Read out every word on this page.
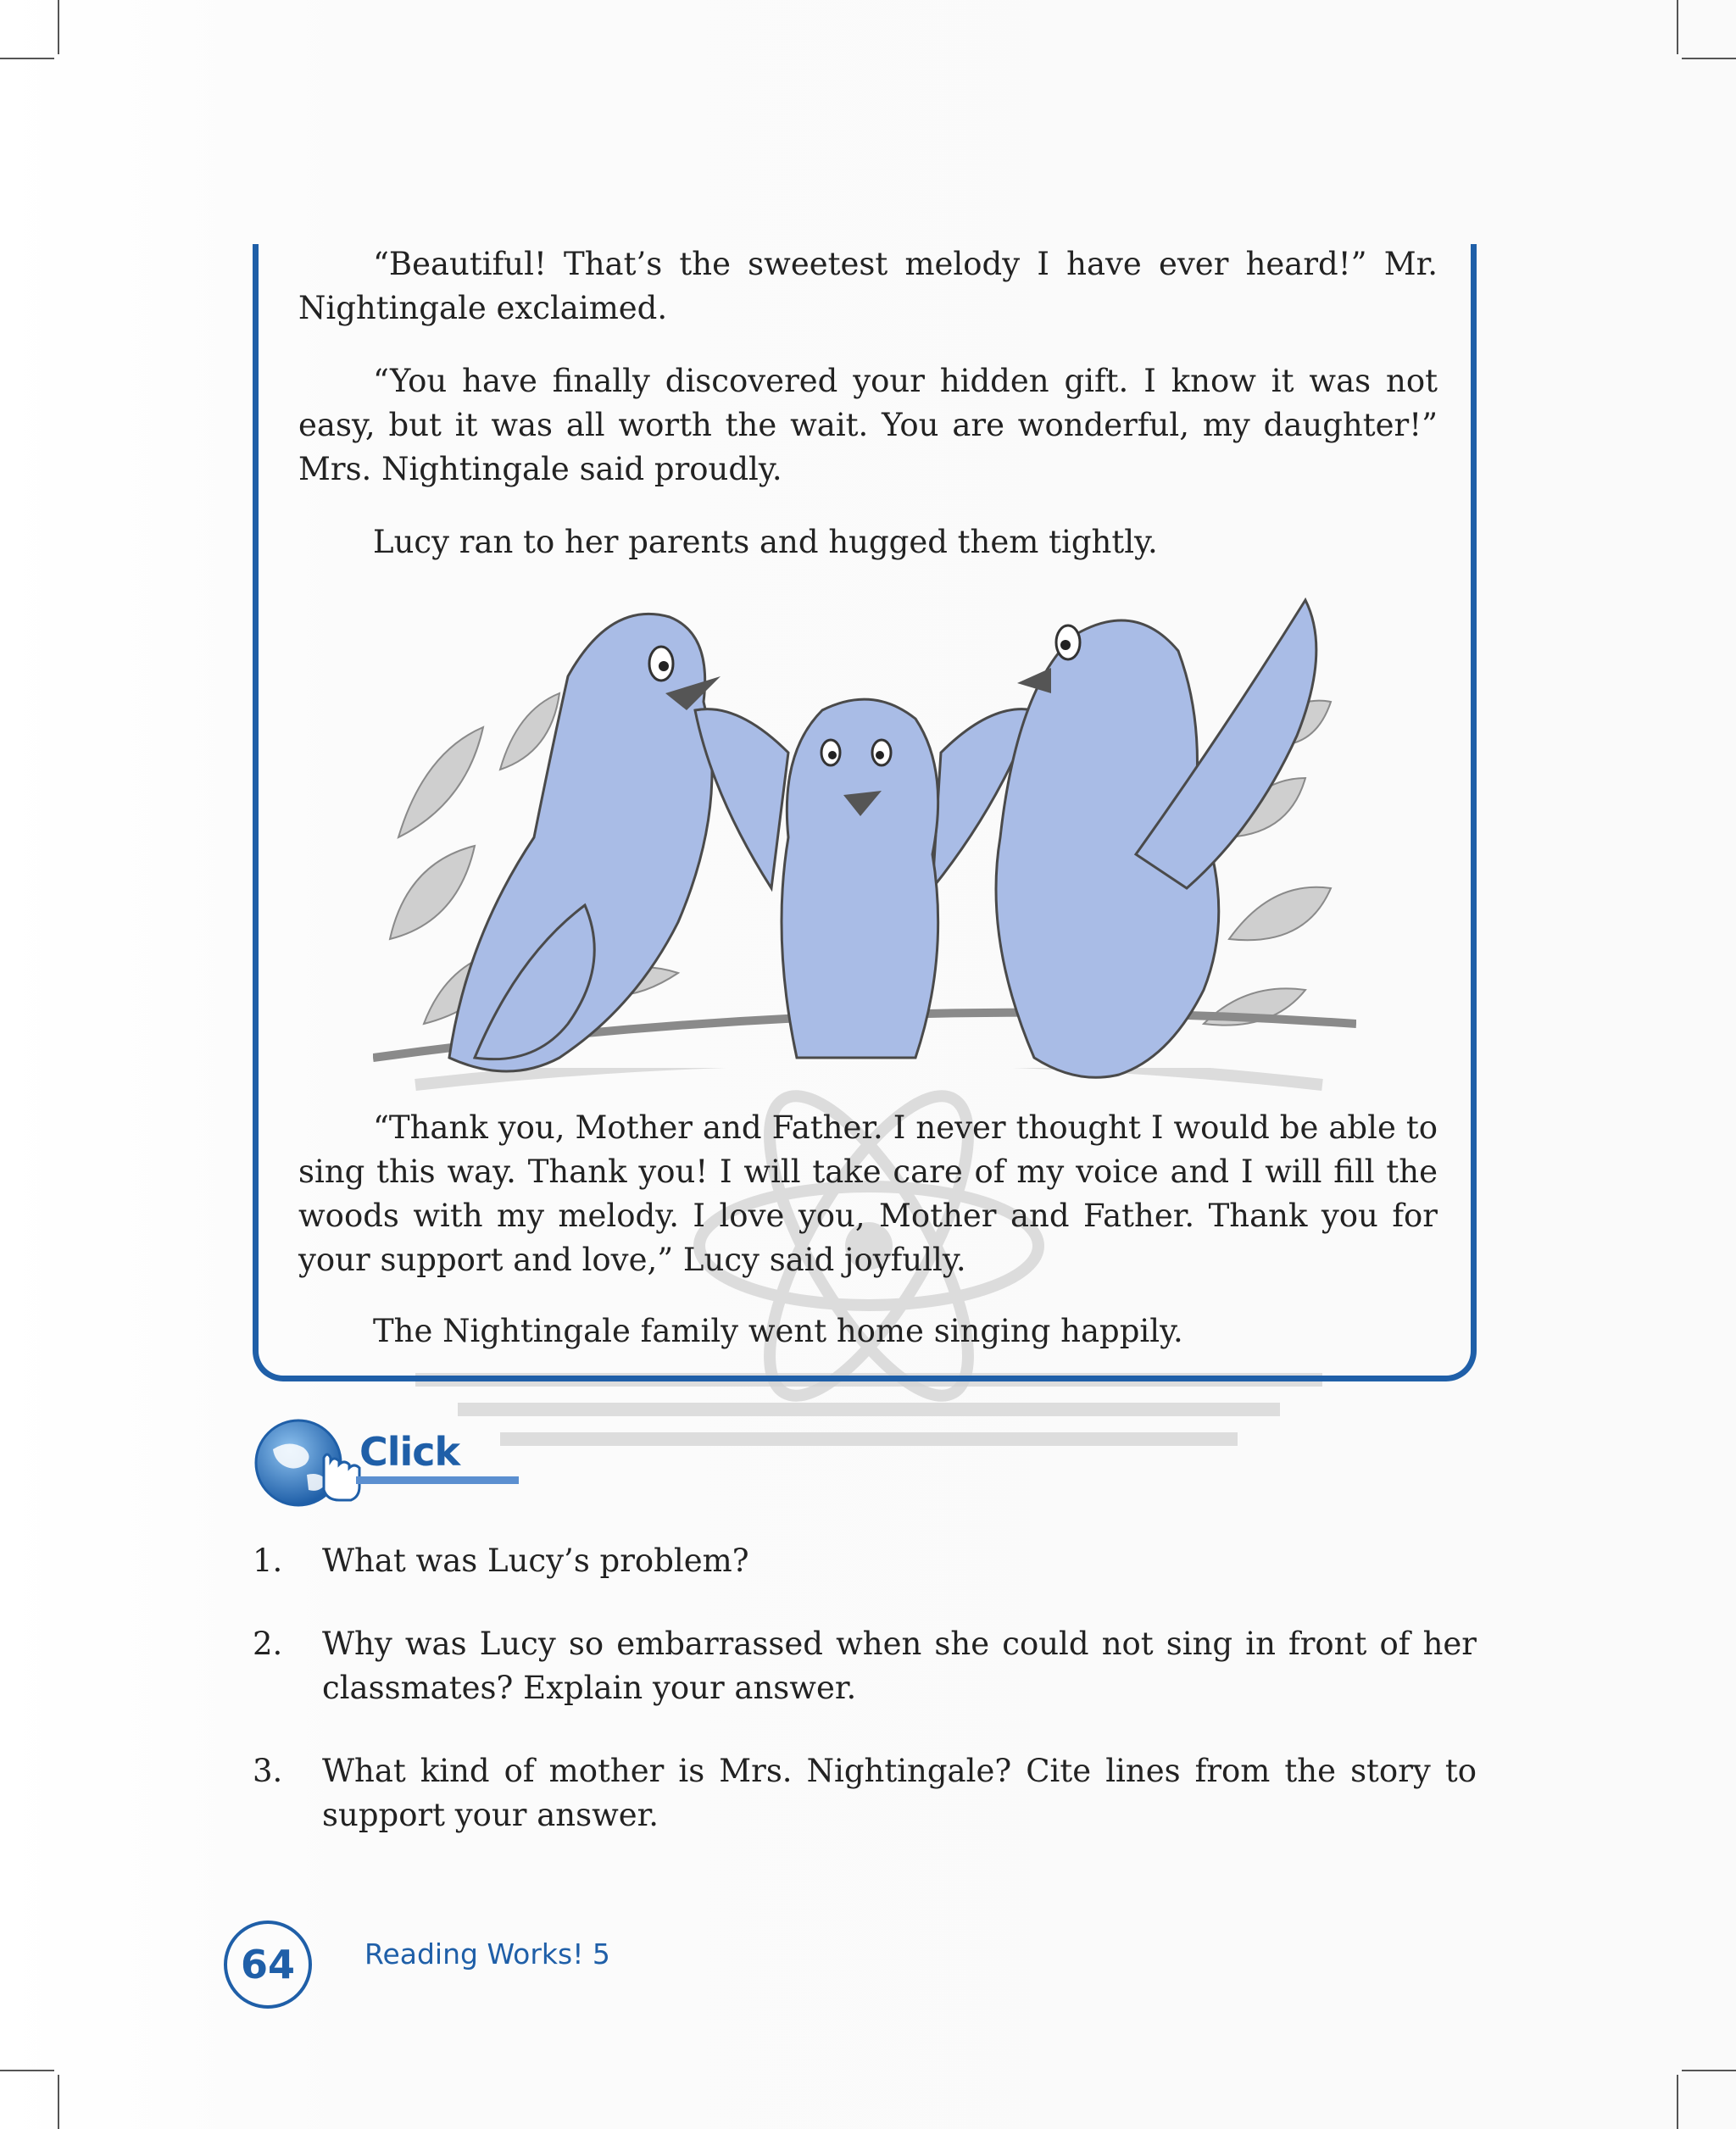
“Beautiful! That’s the sweetest melody I have ever heard!” Mr. Nightingale exclaimed.

“You have finally discovered your hidden gift. I know it was not easy, but it was all worth the wait. You are wonderful, my daughter!” Mrs. Nightingale said proudly.

Lucy ran to her parents and hugged them tightly.

“Thank you, Mother and Father. I never thought I would be able to sing this way. Thank you! I will take care of my voice and I will fill the woods with my melody. I love you, Mother and Father. Thank you for your support and love,” Lucy said joyfully.

The Nightingale family went home singing happily.

Click
1. What was Lucy’s problem?

2. Why was Lucy so embarrassed when she could not sing in front of her classmates? Explain your answer.

3. What kind of mother is Mrs. Nightingale? Cite lines from the story to support your answer.

64	Reading Works! 5
